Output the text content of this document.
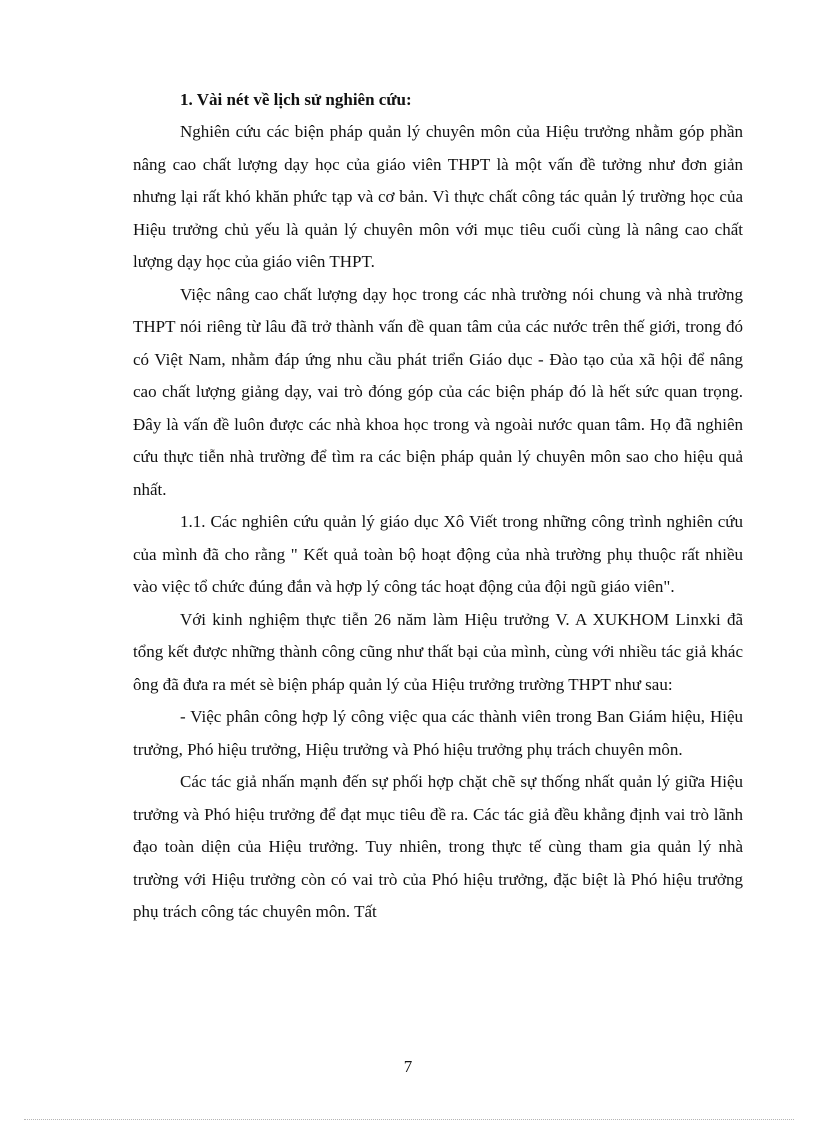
1. Vài nét về lịch sử nghiên cứu:

Nghiên cứu các biện pháp quản lý chuyên môn của Hiệu trưởng nhằm góp phần nâng cao chất lượng dạy học của giáo viên THPT là một vấn đề tưởng như đơn giản nhưng lại rất khó khăn phức tạp và cơ bản. Vì thực chất công tác quản lý trường học của Hiệu trưởng chủ yếu là quản lý chuyên môn với mục tiêu cuối cùng là nâng cao chất lượng dạy học của giáo viên THPT.

Việc nâng cao chất lượng dạy học trong các nhà trường nói chung và nhà trường THPT nói riêng từ lâu đã trở thành vấn đề quan tâm của các nước trên thế giới, trong đó có Việt Nam, nhằm đáp ứng nhu cầu phát triển Giáo dục - Đào tạo của xã hội để nâng cao chất lượng giảng dạy, vai trò đóng góp của các biện pháp đó là hết sức quan trọng. Đây là vấn đề luôn được các nhà khoa học trong và ngoài nước quan tâm. Họ đã nghiên cứu thực tiễn nhà trường để tìm ra các biện pháp quản lý chuyên môn sao cho hiệu quả nhất.

1.1. Các nghiên cứu quản lý giáo dục Xô Viết trong những công trình nghiên cứu của mình đã cho rằng " Kết quả toàn bộ hoạt động của nhà trường phụ thuộc rất nhiều vào việc tổ chức đúng đắn và hợp lý công tác hoạt động của đội ngũ giáo viên".

Với kinh nghiệm thực tiễn 26 năm làm Hiệu trưởng V. A XUKHOM Linxki đã tổng kết được những thành công cũng như thất bại của mình, cùng với nhiều tác giả khác ông đã đưa ra mét sè biện pháp quản lý của Hiệu trưởng trường THPT như sau:

- Việc phân công hợp lý công việc qua các thành viên trong Ban Giám hiệu, Hiệu trưởng, Phó hiệu trưởng, Hiệu trưởng và Phó hiệu trưởng phụ trách chuyên môn.

Các tác giả nhấn mạnh đến sự phối hợp chặt chẽ sự thống nhất quản lý giữa Hiệu trưởng và Phó hiệu trưởng để đạt mục tiêu đề ra. Các tác giả đều khẳng định vai trò lãnh đạo toàn diện của Hiệu trưởng. Tuy nhiên, trong thực tế cùng tham gia quản lý nhà trường với Hiệu trưởng còn có vai trò của Phó hiệu trưởng, đặc biệt là Phó hiệu trưởng phụ trách công tác chuyên môn. Tất

7
